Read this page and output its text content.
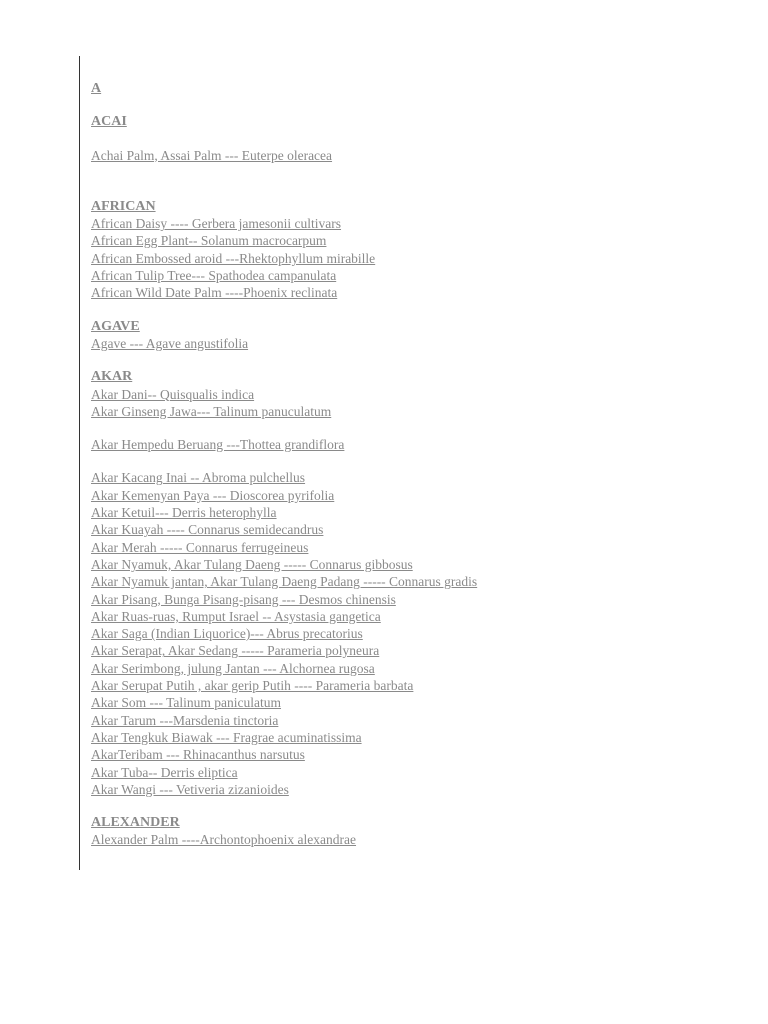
A
ACAI
Achai Palm, Assai Palm --- Euterpe oleracea
AFRICAN
African Daisy ---- Gerbera jamesonii cultivars
African Egg Plant-- Solanum macrocarpum
African Embossed aroid ---Rhektophyllum mirabille
African Tulip Tree--- Spathodea campanulata
African Wild Date Palm ----Phoenix reclinata
AGAVE
Agave --- Agave angustifolia
AKAR
Akar Dani-- Quisqualis indica
Akar Ginseng Jawa--- Talinum panuculatum
Akar Hempedu Beruang ---Thottea grandiflora
Akar Kacang Inai -- Abroma pulchellus
Akar Kemenyan Paya --- Dioscorea pyrifolia
Akar Ketuil--- Derris heterophylla
Akar Kuayah ---- Connarus semidecandrus
Akar Merah ----- Connarus ferrugeineus
Akar Nyamuk, Akar Tulang Daeng ----- Connarus gibbosus
Akar Nyamuk jantan, Akar Tulang Daeng Padang ----- Connarus gradis
Akar Pisang, Bunga Pisang-pisang --- Desmos chinensis
Akar Ruas-ruas, Rumput Israel -- Asystasia gangetica
Akar Saga (Indian Liquorice)--- Abrus precatorius
Akar Serapat, Akar Sedang ----- Parameria polyneura
Akar Serimbong, julung Jantan --- Alchornea rugosa
Akar Serupat Putih , akar gerip Putih ---- Parameria barbata
Akar Som --- Talinum paniculatum
Akar Tarum ---Marsdenia tinctoria
Akar Tengkuk Biawak --- Fragrae acuminatissima
AkarTeribam --- Rhinacanthus narsutus
Akar Tuba-- Derris eliptica
Akar Wangi --- Vetiveria zizanioides
ALEXANDER
Alexander Palm ----Archontophoenix alexandrae
